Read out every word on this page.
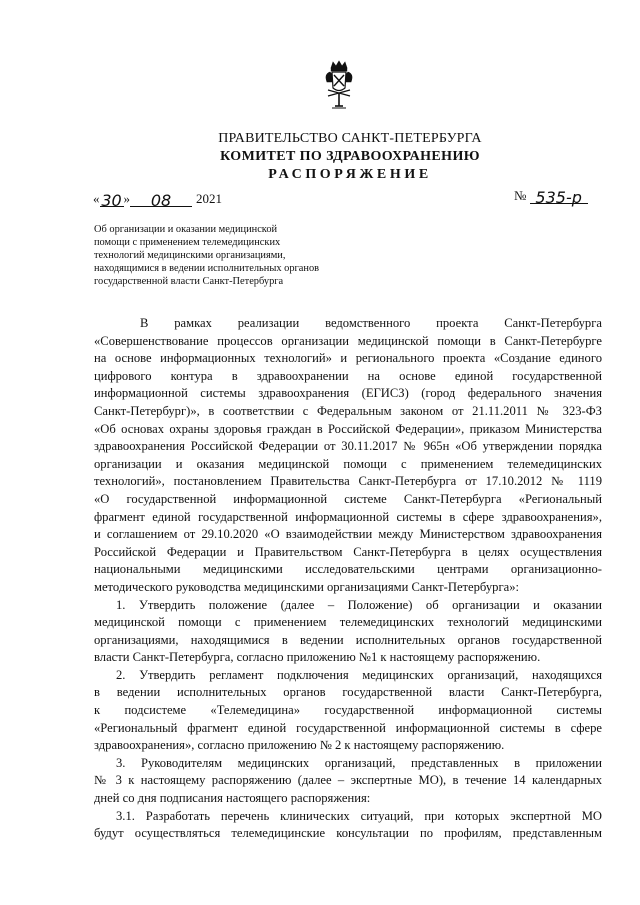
ПРАВИТЕЛЬСТВО САНКТ-ПЕТЕРБУРГА
КОМИТЕТ ПО ЗДРАВООХРАНЕНИЮ
РАСПОРЯЖЕНИЕ
« 30 » 08 2021	№ 535-р
Об организации и оказании медицинской
помощи с применением телемедицинских
технологий медицинскими организациями,
находящимися в ведении исполнительных органов
государственной власти Санкт-Петербурга
В рамках реализации ведомственного проекта Санкт-Петербурга
«Совершенствование процессов организации медицинской помощи в Санкт-Петербурге
на основе информационных технологий» и регионального проекта «Создание единого
цифрового контура в здравоохранении на основе единой государственной
информационной системы здравоохранения (ЕГИСЗ) (город федерального значения
Санкт-Петербург)», в соответствии с Федеральным законом от 21.11.2011 № 323-ФЗ
«Об основах охраны здоровья граждан в Российской Федерации», приказом Министерства
здравоохранения Российской Федерации от 30.11.2017 № 965н «Об утверждении порядка
организации и оказания медицинской помощи с применением телемедицинских
технологий», постановлением Правительства Санкт-Петербурга от 17.10.2012 № 1119
«О государственной информационной системе Санкт-Петербурга «Региональный
фрагмент единой государственной информационной системы в сфере здравоохранения»,
и соглашением от 29.10.2020 «О взаимодействии между Министерством здравоохранения
Российской Федерации и Правительством Санкт-Петербурга в целях осуществления
национальными медицинскими исследовательскими центрами организационно-
методического руководства медицинскими организациями Санкт-Петербурга»:
1. Утвердить положение (далее – Положение) об организации и оказании
медицинской помощи с применением телемедицинских технологий медицинскими
организациями, находящимися в ведении исполнительных органов государственной
власти Санкт-Петербурга, согласно приложению №1 к настоящему распоряжению.
2. Утвердить регламент подключения медицинских организаций, находящихся
в ведении исполнительных органов государственной власти Санкт-Петербурга,
к подсистеме «Телемедицина» государственной информационной системы
«Региональный фрагмент единой государственной информационной системы в сфере
здравоохранения», согласно приложению № 2 к настоящему распоряжению.
3. Руководителям медицинских организаций, представленных в приложении
№ 3 к настоящему распоряжению (далее – экспертные МО), в течение 14 календарных
дней со дня подписания настоящего распоряжения:
3.1. Разработать перечень клинических ситуаций, при которых экспертной МО
будут осуществляться телемедицинские консультации по профилям, представленным
